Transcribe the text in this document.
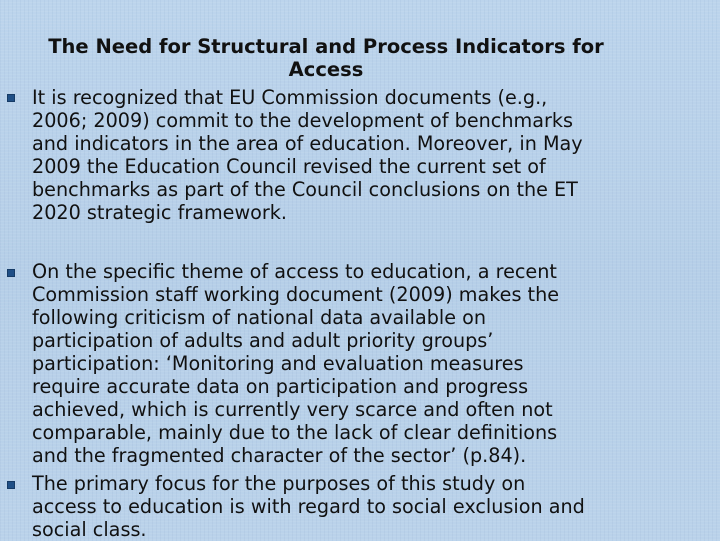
The Need for Structural and Process Indicators for
Access
It is recognized that EU Commission documents (e.g.,
2006; 2009) commit to the development of benchmarks
and indicators in the area of education. Moreover, in May
2009 the Education Council revised the current set of
benchmarks as part of the Council conclusions on the ET
2020 strategic framework.
On the specific theme of access to education, a recent
Commission staff working document (2009) makes the
following criticism of national data available on
participation of adults and adult priority groups’
participation: ‘Monitoring and evaluation measures
require accurate data on participation and progress
achieved, which is currently very scarce and often not
comparable, mainly due to the lack of clear definitions
and the fragmented character of the sector’ (p.84).
The primary focus for the purposes of this study on
access to education is with regard to social exclusion and
social class.
